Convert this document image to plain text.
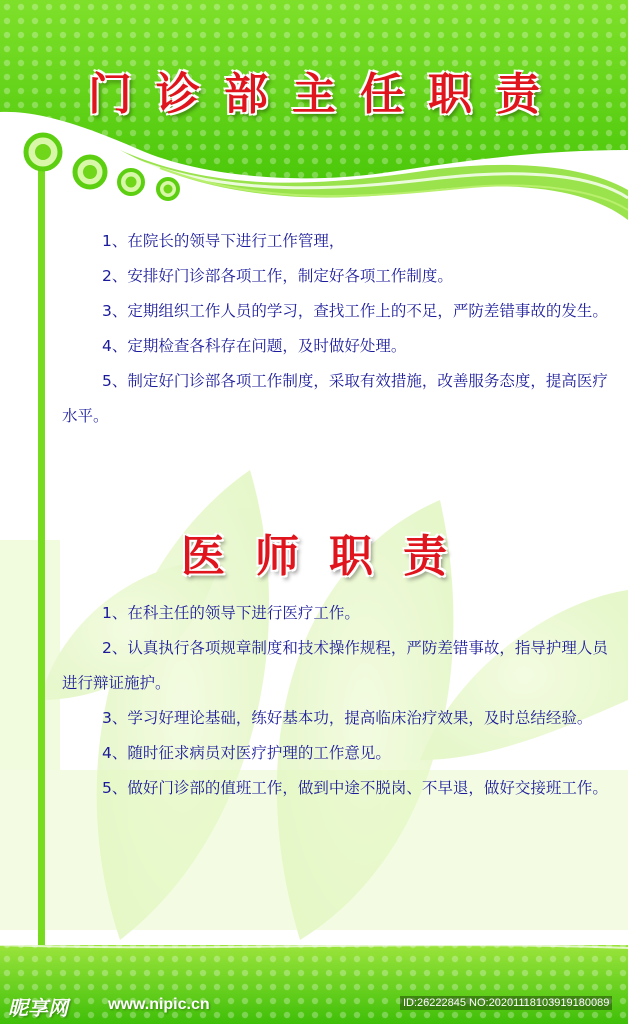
门诊部主任职责
1、在院长的领导下进行工作管理，
2、安排好门诊部各项工作，制定好各项工作制度。
3、定期组织工作人员的学习，查找工作上的不足，严防差错事故的发生。
4、定期检查各科存在问题，及时做好处理。
5、制定好门诊部各项工作制度，采取有效措施，改善服务态度，提高医疗水平。
医师职责
1、在科主任的领导下进行医疗工作。
2、认真执行各项规章制度和技术操作规程，严防差错事故，指导护理人员进行辩证施护。
3、学习好理论基础，练好基本功，提高临床治疗效果，及时总结经验。
4、随时征求病员对医疗护理的工作意见。
5、做好门诊部的值班工作，做到中途不脱岗、不早退，做好交接班工作。
昵享网	www.nipic.cn	ID:26222845 NO:20201118103919180089
